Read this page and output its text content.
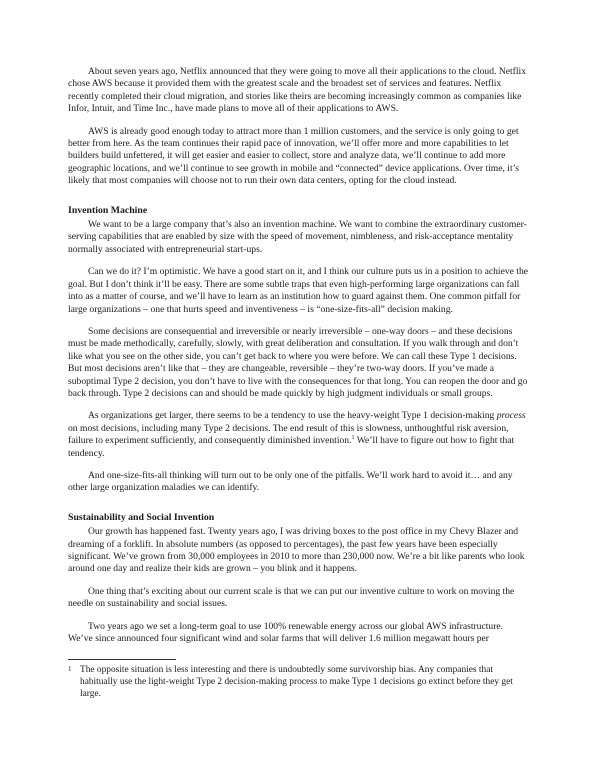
About seven years ago, Netflix announced that they were going to move all their applications to the cloud. Netflix chose AWS because it provided them with the greatest scale and the broadest set of services and features. Netflix recently completed their cloud migration, and stories like theirs are becoming increasingly common as companies like Infor, Intuit, and Time Inc., have made plans to move all of their applications to AWS.

AWS is already good enough today to attract more than 1 million customers, and the service is only going to get better from here. As the team continues their rapid pace of innovation, we’ll offer more and more capabilities to let builders build unfettered, it will get easier and easier to collect, store and analyze data, we’ll continue to add more geographic locations, and we’ll continue to see growth in mobile and “connected” device applications. Over time, it’s likely that most companies will choose not to run their own data centers, opting for the cloud instead.

Invention Machine

We want to be a large company that’s also an invention machine. We want to combine the extraordinary customer-serving capabilities that are enabled by size with the speed of movement, nimbleness, and risk-acceptance mentality normally associated with entrepreneurial start-ups.

Can we do it? I’m optimistic. We have a good start on it, and I think our culture puts us in a position to achieve the goal. But I don’t think it’ll be easy. There are some subtle traps that even high-performing large organizations can fall into as a matter of course, and we’ll have to learn as an institution how to guard against them. One common pitfall for large organizations – one that hurts speed and inventiveness – is “one-size-fits-all” decision making.

Some decisions are consequential and irreversible or nearly irreversible – one-way doors – and these decisions must be made methodically, carefully, slowly, with great deliberation and consultation. If you walk through and don’t like what you see on the other side, you can’t get back to where you were before. We can call these Type 1 decisions. But most decisions aren’t like that – they are changeable, reversible – they’re two-way doors. If you’ve made a suboptimal Type 2 decision, you don’t have to live with the consequences for that long. You can reopen the door and go back through. Type 2 decisions can and should be made quickly by high judgment individuals or small groups.

As organizations get larger, there seems to be a tendency to use the heavy-weight Type 1 decision-making process on most decisions, including many Type 2 decisions. The end result of this is slowness, unthoughtful risk aversion, failure to experiment sufficiently, and consequently diminished invention.$^1$ We’ll have to figure out how to fight that tendency.

And one-size-fits-all thinking will turn out to be only one of the pitfalls. We’ll work hard to avoid it… and any other large organization maladies we can identify.

Sustainability and Social Invention

Our growth has happened fast. Twenty years ago, I was driving boxes to the post office in my Chevy Blazer and dreaming of a forklift. In absolute numbers (as opposed to percentages), the past few years have been especially significant. We’ve grown from 30,000 employees in 2010 to more than 230,000 now. We’re a bit like parents who look around one day and realize their kids are grown – you blink and it happens.

One thing that’s exciting about our current scale is that we can put our inventive culture to work on moving the needle on sustainability and social issues.

Two years ago we set a long-term goal to use 100% renewable energy across our global AWS infrastructure. We’ve since announced four significant wind and solar farms that will deliver 1.6 million megawatt hours per

1 The opposite situation is less interesting and there is undoubtedly some survivorship bias. Any companies that habitually use the light-weight Type 2 decision-making process to make Type 1 decisions go extinct before they get large.
